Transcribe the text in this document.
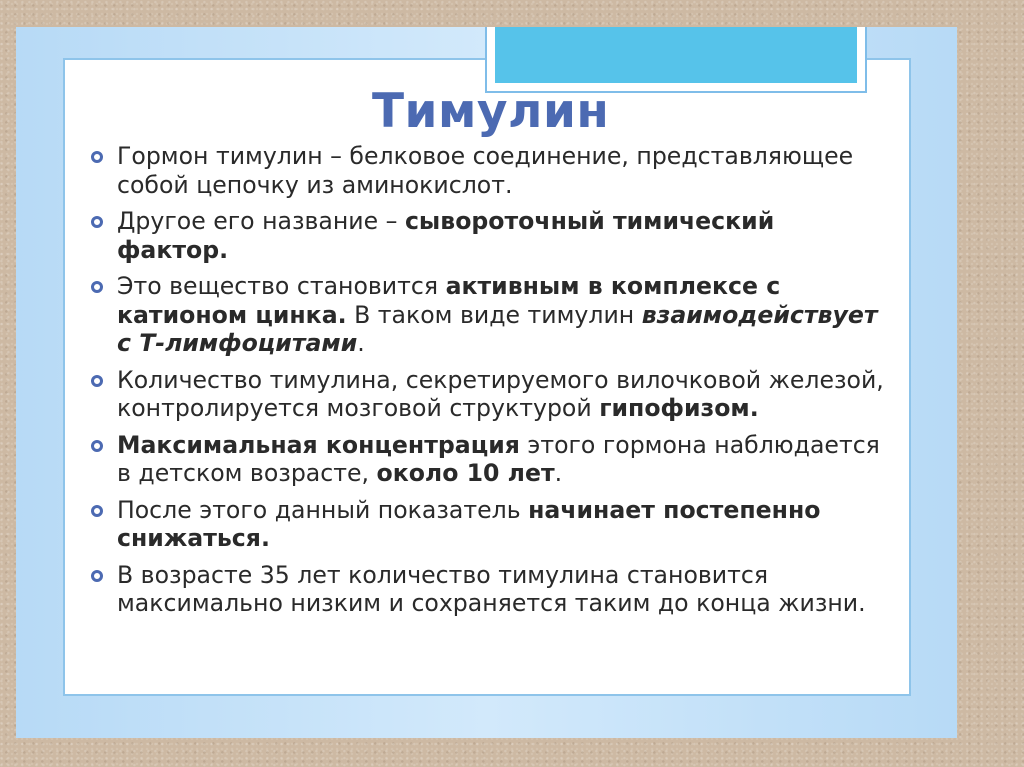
Тимулин
Гормон тимулин – белковое соединение, представляющее собой цепочку из аминокислот.
Другое его название – сывороточный тимический фактор.
Это вещество становится активным в комплексе с катионом цинка. В таком виде тимулин взаимодействует с Т-лимфоцитами.
Количество тимулина, секретируемого вилочковой железой, контролируется мозговой структурой гипофизом.
Максимальная концентрация этого гормона наблюдается в детском возрасте, около 10 лет.
После этого данный показатель начинает постепенно снижаться.
В возрасте 35 лет количество тимулина становится максимально низким и сохраняется таким до конца жизни.
